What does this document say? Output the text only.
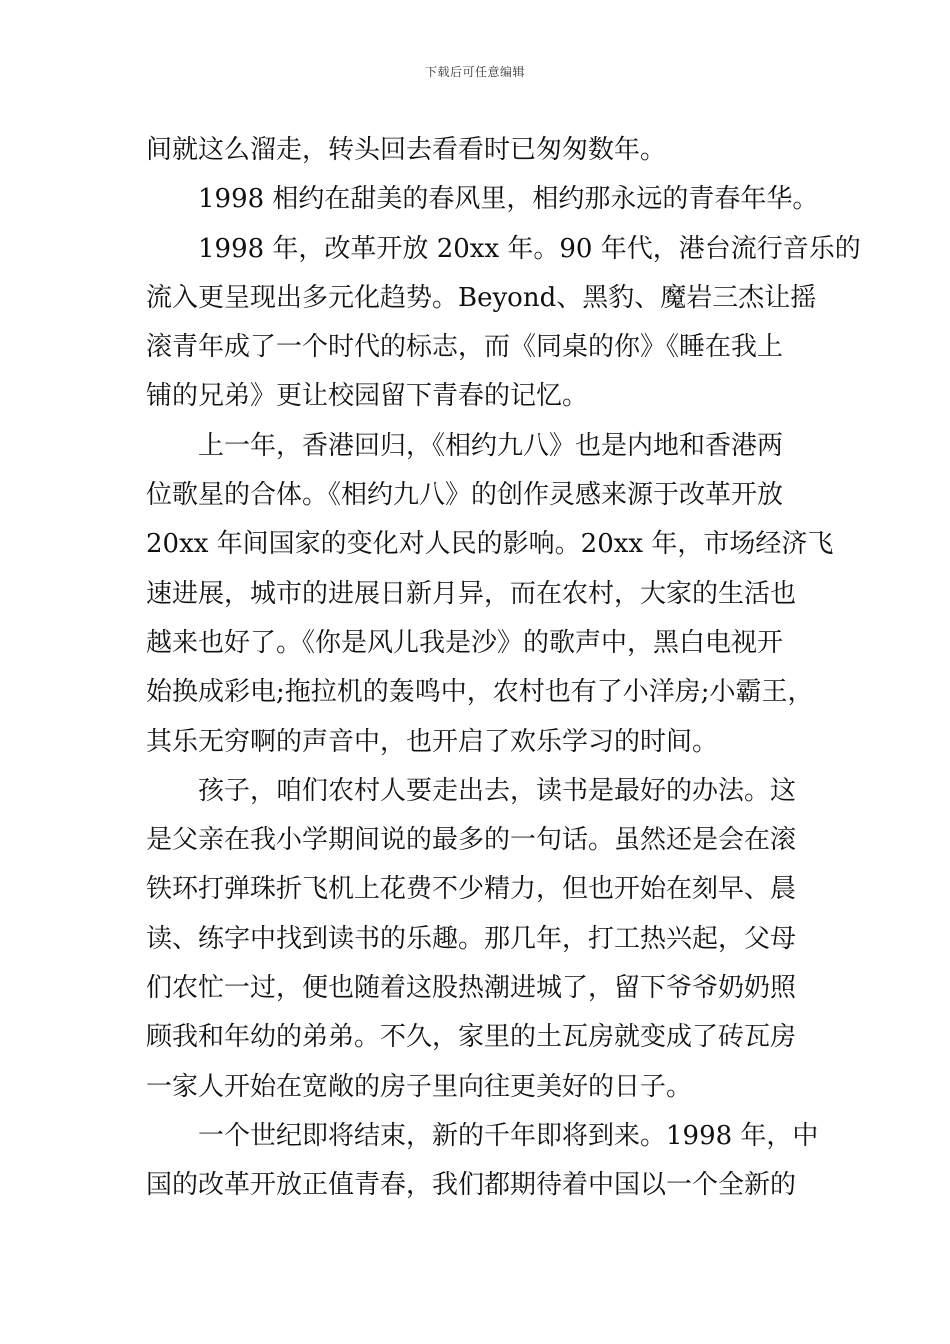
下载后可任意编辑
间就这么溜走，转头回去看看时已匆匆数年。
1998 相约在甜美的春风里，相约那永远的青春年华。
1998 年，改革开放 20xx 年。90 年代，港台流行音乐的
流入更呈现出多元化趋势。Beyond、黑豹、魔岩三杰让摇
滚青年成了一个时代的标志，而《同桌的你》《睡在我上
铺的兄弟》更让校园留下青春的记忆。
上一年，香港回归，《相约九八》也是内地和香港两
位歌星的合体。《相约九八》的创作灵感来源于改革开放
20xx 年间国家的变化对人民的影响。20xx 年，市场经济飞
速进展，城市的进展日新月异，而在农村，大家的生活也
越来也好了。《你是风儿我是沙》的歌声中，黑白电视开
始换成彩电;拖拉机的轰鸣中，农村也有了小洋房;小霸王，
其乐无穷啊的声音中，也开启了欢乐学习的时间。
孩子，咱们农村人要走出去，读书是最好的办法。这
是父亲在我小学期间说的最多的一句话。虽然还是会在滚
铁环打弹珠折飞机上花费不少精力，但也开始在刻早、晨
读、练字中找到读书的乐趣。那几年，打工热兴起，父母
们农忙一过，便也随着这股热潮进城了，留下爷爷奶奶照
顾我和年幼的弟弟。不久，家里的土瓦房就变成了砖瓦房
一家人开始在宽敞的房子里向往更美好的日子。
一个世纪即将结束，新的千年即将到来。1998 年，中
国的改革开放正值青春，我们都期待着中国以一个全新的
